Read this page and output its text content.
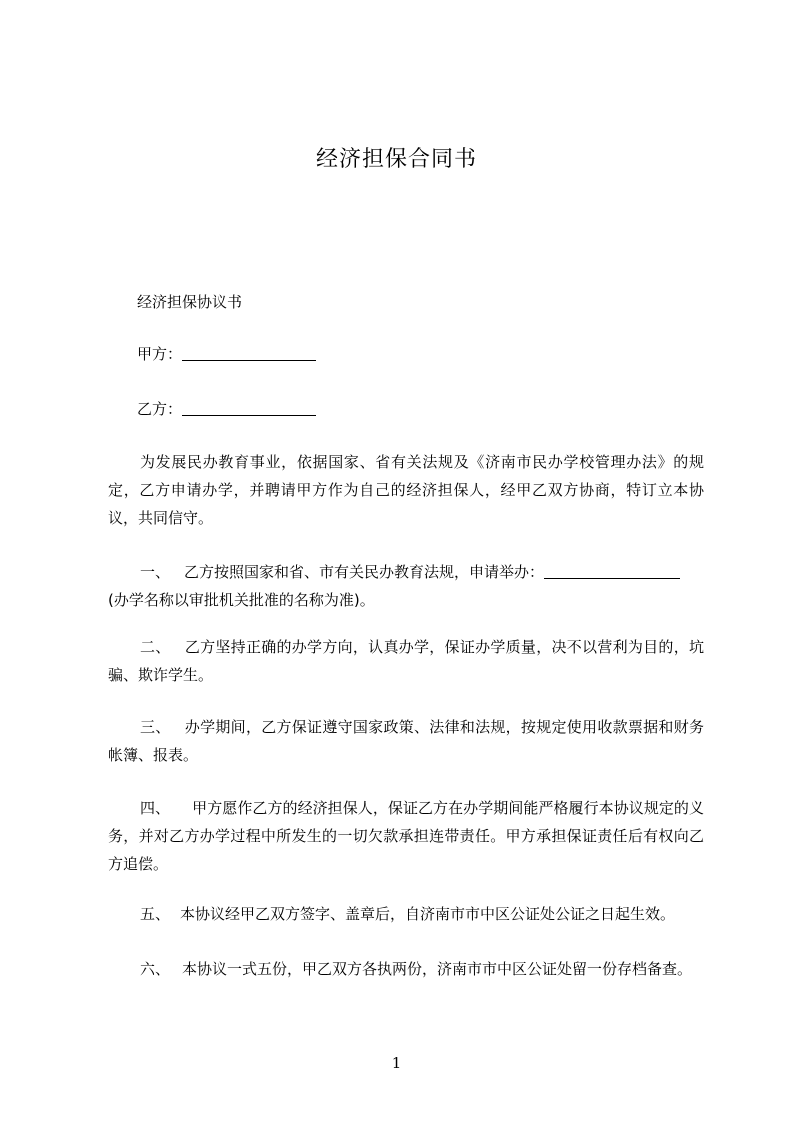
经济担保合同书
经济担保协议书
甲方：
乙方：

为发展民办教育事业，依据国家、省有关法规及《济南市民办学校管理办法》的规定，乙方申请办学，并聘请甲方作为自己的经济担保人，经甲乙双方协商，特订立本协议，共同信守。

一、 乙方按照国家和省、市有关民办教育法规，申请举办：

(办学名称以审批机关批准的名称为准)。

二、 乙方坚持正确的办学方向，认真办学，保证办学质量，决不以营利为目的，坑骗、欺诈学生。

三、 办学期间，乙方保证遵守国家政策、法律和法规，按规定使用收款票据和财务帐簿、报表。

四、 甲方愿作乙方的经济担保人，保证乙方在办学期间能严格履行本协议规定的义务，并对乙方办学过程中所发生的一切欠款承担连带责任。甲方承担保证责任后有权向乙方追偿。

五、 本协议经甲乙双方签字、盖章后，自济南市市中区公证处公证之日起生效。

六、 本协议一式五份，甲乙双方各执两份，济南市市中区公证处留一份存档备查。

1
